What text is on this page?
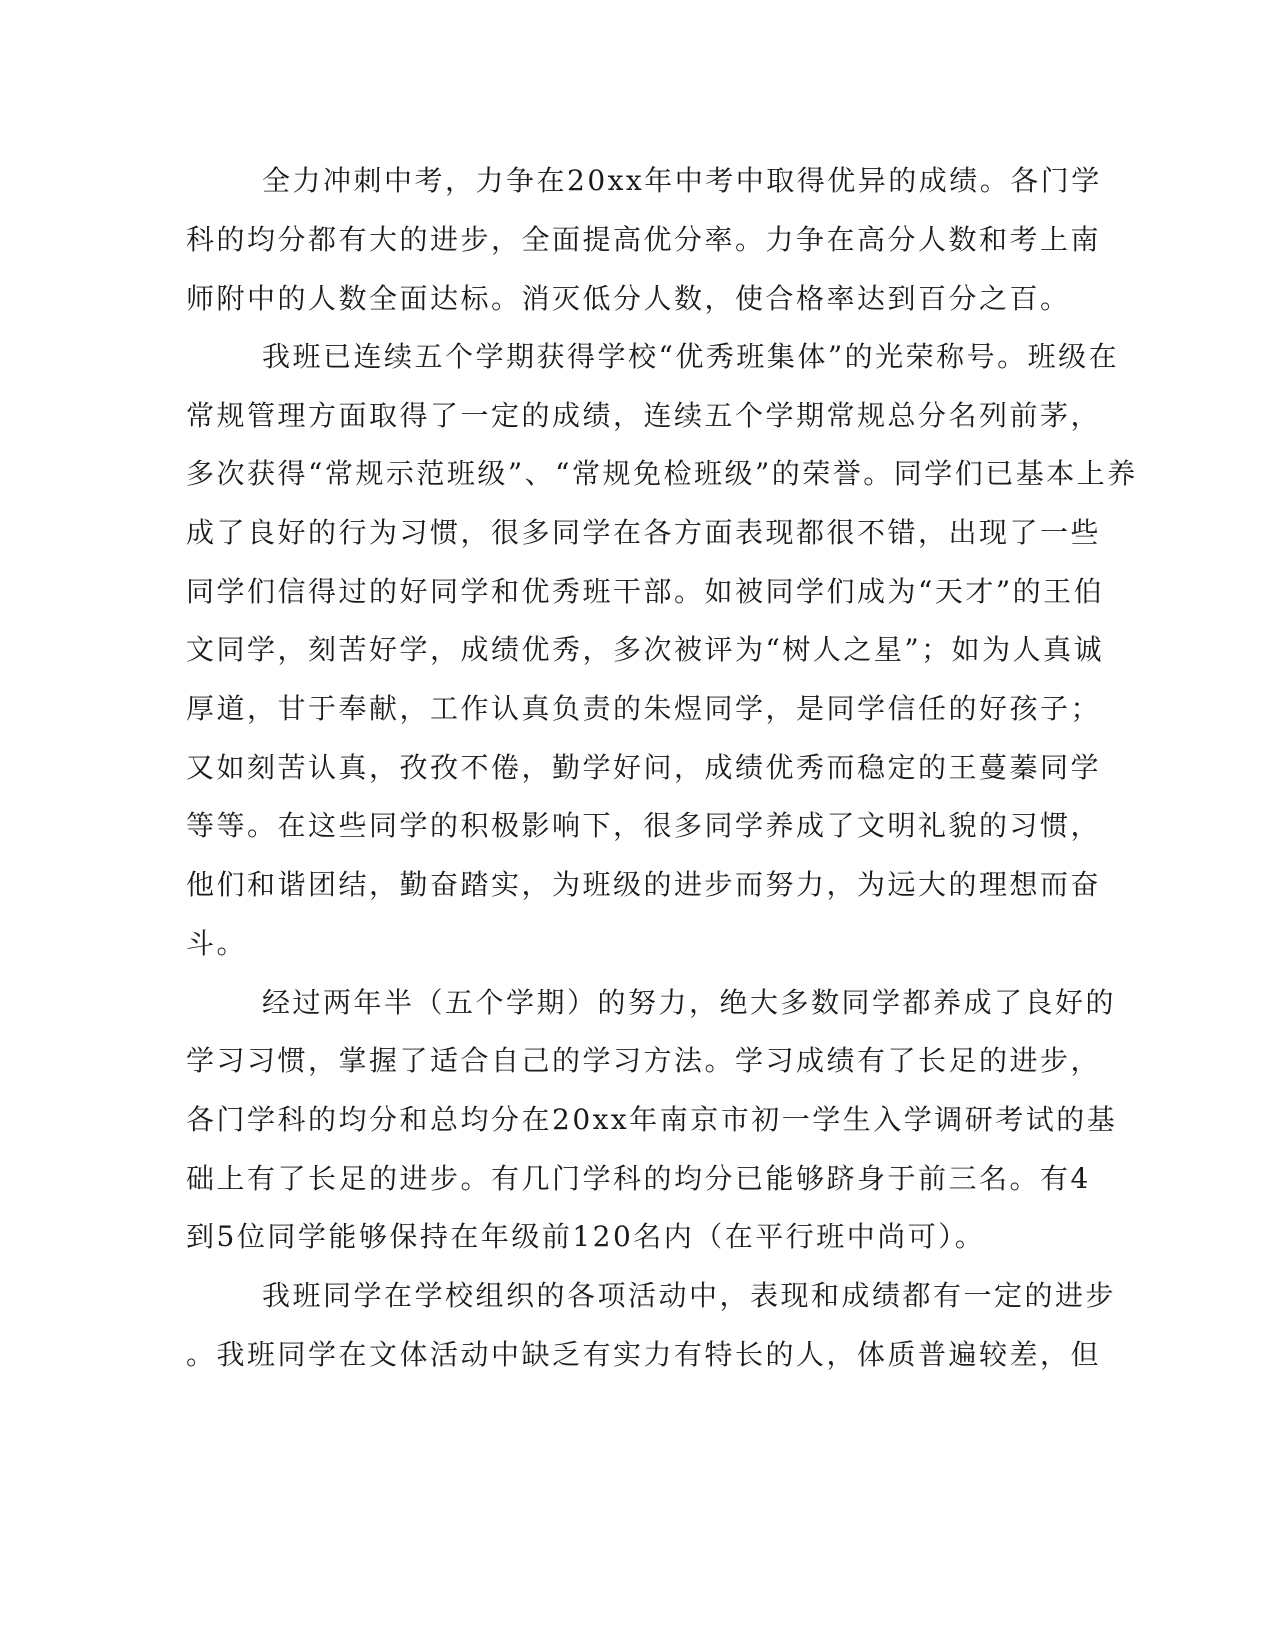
全力冲刺中考，力争在20xx年中考中取得优异的成绩。各门学
科的均分都有大的进步，全面提高优分率。力争在高分人数和考上南
师附中的人数全面达标。消灭低分人数，使合格率达到百分之百。
我班已连续五个学期获得学校“优秀班集体”的光荣称号。班级在
常规管理方面取得了一定的成绩，连续五个学期常规总分名列前茅，
多次获得“常规示范班级”、“常规免检班级”的荣誉。同学们已基本上养
成了良好的行为习惯，很多同学在各方面表现都很不错，出现了一些
同学们信得过的好同学和优秀班干部。如被同学们成为“天才”的王伯
文同学，刻苦好学，成绩优秀，多次被评为“树人之星”；如为人真诚
厚道，甘于奉献，工作认真负责的朱煜同学，是同学信任的好孩子；
又如刻苦认真，孜孜不倦，勤学好问，成绩优秀而稳定的王蔓蓁同学
等等。在这些同学的积极影响下，很多同学养成了文明礼貌的习惯，
他们和谐团结，勤奋踏实，为班级的进步而努力，为远大的理想而奋
斗。
经过两年半（五个学期）的努力，绝大多数同学都养成了良好的
学习习惯，掌握了适合自己的学习方法。学习成绩有了长足的进步，
各门学科的均分和总均分在20xx年南京市初一学生入学调研考试的基
础上有了长足的进步。有几门学科的均分已能够跻身于前三名。有4
到5位同学能够保持在年级前120名内（在平行班中尚可）。
我班同学在学校组织的各项活动中，表现和成绩都有一定的进步
。我班同学在文体活动中缺乏有实力有特长的人，体质普遍较差，但
